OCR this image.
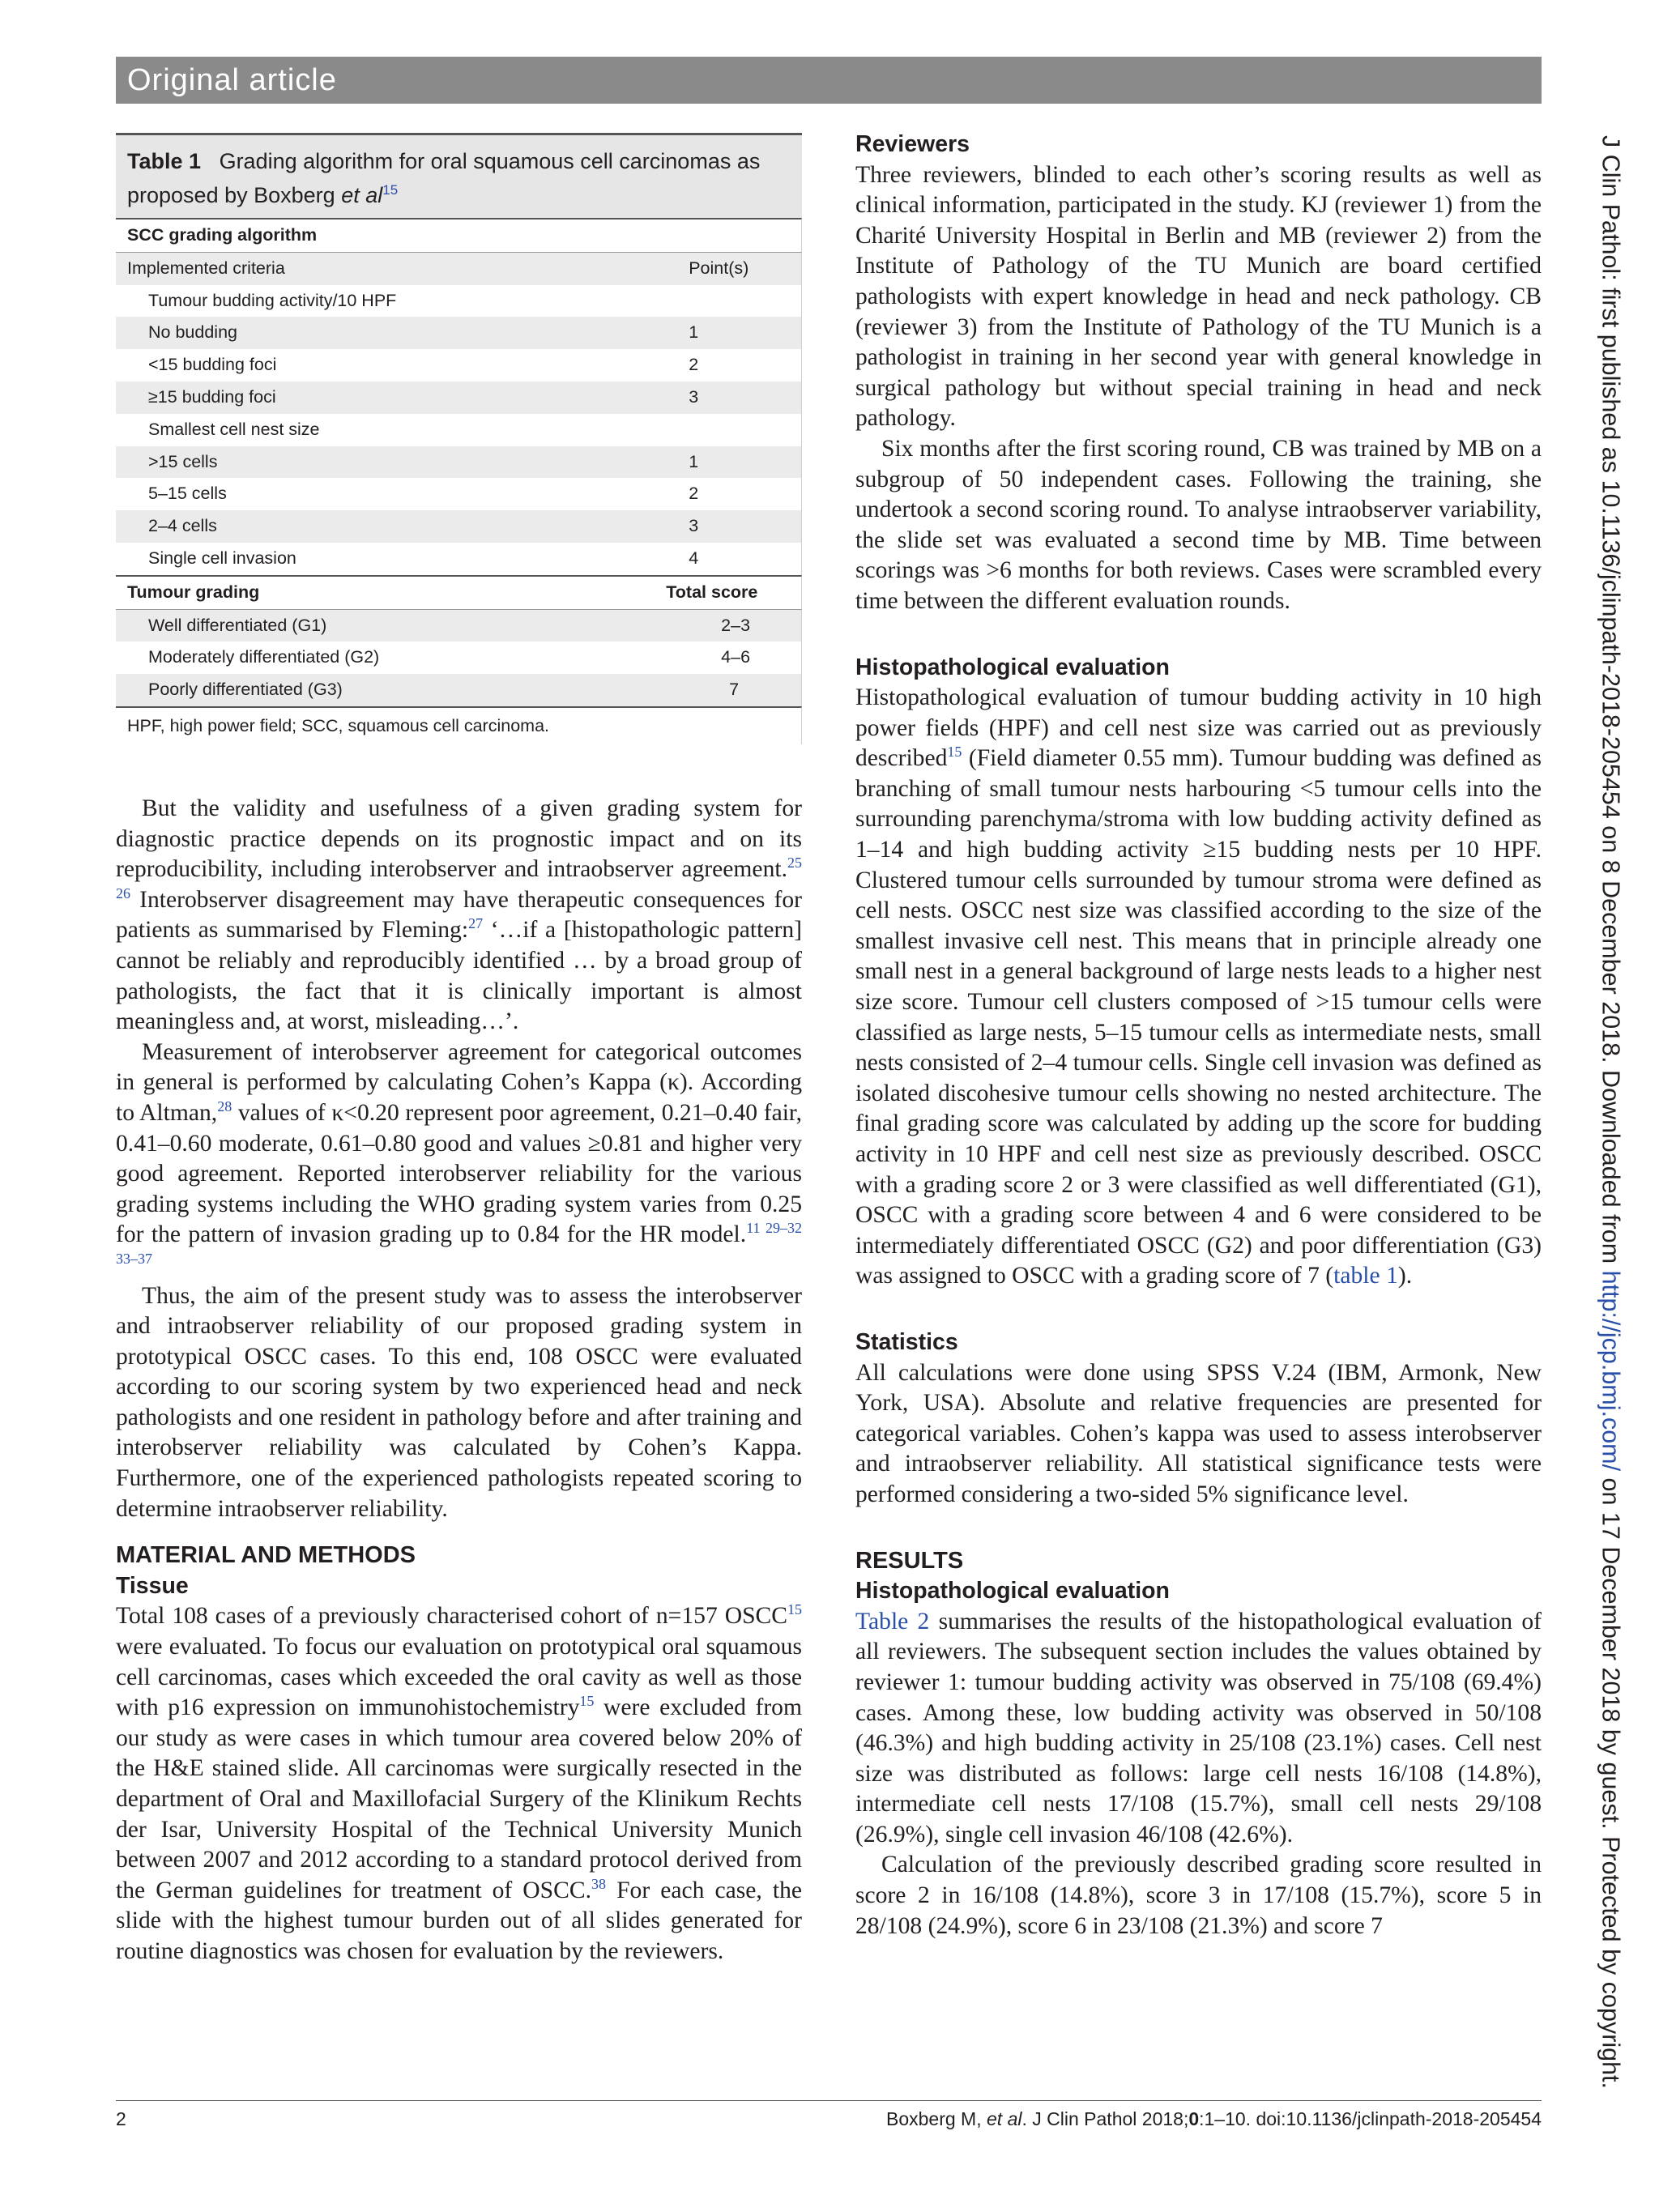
Original article
J Clin Pathol: first published as 10.1136/jclinpath-2018-205454 on 8 December 2018. Downloaded from http://jcp.bmj.com/ on 17 December 2018 by guest. Protected by copyright.
Table 1 Grading algorithm for oral squamous cell carcinomas as proposed by Boxberg et $al^{15}$
SCC grading algorithm
Implemented criteria	Point(s)
Tumour budding activity/10 HPF
No budding	1
<15 budding foci	2
≥15 budding foci	3
Smallest cell nest size
>15 cells	1
5–15 cells	2
2–4 cells	3
Single cell invasion	4
Tumour grading	Total score
Well differentiated (G1)	2–3
Moderately differentiated (G2)	4–6
Poorly differentiated (G3)	7
HPF, high power field; SCC, squamous cell carcinoma.

But the validity and usefulness of a given grading system for diagnostic practice depends on its prognostic impact and on its reproducibility, including interobserver and intraobserver agreement.$^{25 26}$ Interobserver disagreement may have therapeutic consequences for patients as summarised by Fleming:$^{27}$ ‘…if a [histopathologic pattern] cannot be reliably and reproducibly identified … by a broad group of pathologists, the fact that it is clinically important is almost meaningless and, at worst, misleading…’.

Measurement of interobserver agreement for categorical outcomes in general is performed by calculating Cohen’s Kappa (κ). According to Altman,$^{28}$ values of κ<0.20 represent poor agreement, 0.21–0.40 fair, 0.41–0.60 moderate, 0.61–0.80 good and values ≥0.81 and higher very good agreement. Reported interobserver reliability for the various grading systems including the WHO grading system varies from 0.25 for the pattern of invasion grading up to 0.84 for the HR model.$^{11 29-32 33-37}$

Thus, the aim of the present study was to assess the interobserver and intraobserver reliability of our proposed grading system in prototypical OSCC cases. To this end, 108 OSCC were evaluated according to our scoring system by two experienced head and neck pathologists and one resident in pathology before and after training and interobserver reliability was calculated by Cohen’s Kappa. Furthermore, one of the experienced pathologists repeated scoring to determine intraobserver reliability.

MATERIAL AND METHODS
Tissue

Total 108 cases of a previously characterised cohort of n=157 OSCC$^{15}$ were evaluated. To focus our evaluation on prototypical oral squamous cell carcinomas, cases which exceeded the oral cavity as well as those with p16 expression on immunohistochemistry$^{15}$ were excluded from our study as were cases in which tumour area covered below 20% of the H&E stained slide. All carcinomas were surgically resected in the department of Oral and Maxillofacial Surgery of the Klinikum Rechts der Isar, University Hospital of the Technical University Munich between 2007 and 2012 according to a standard protocol derived from the German guidelines for treatment of OSCC.$^{38}$ For each case, the slide with the highest tumour burden out of all slides generated for routine diagnostics was chosen for evaluation by the reviewers.

Reviewers

Three reviewers, blinded to each other’s scoring results as well as clinical information, participated in the study. KJ (reviewer 1) from the Charité University Hospital in Berlin and MB (reviewer 2) from the Institute of Pathology of the TU Munich are board certified pathologists with expert knowledge in head and neck pathology. CB (reviewer 3) from the Institute of Pathology of the TU Munich is a pathologist in training in her second year with general knowledge in surgical pathology but without special training in head and neck pathology.

Six months after the first scoring round, CB was trained by MB on a subgroup of 50 independent cases. Following the training, she undertook a second scoring round. To analyse intraobserver variability, the slide set was evaluated a second time by MB. Time between scorings was >6 months for both reviews. Cases were scrambled every time between the different evaluation rounds.

Histopathological evaluation

Histopathological evaluation of tumour budding activity in 10 high power fields (HPF) and cell nest size was carried out as previously described$^{15}$ (Field diameter 0.55 mm). Tumour budding was defined as branching of small tumour nests harbouring <5 tumour cells into the surrounding parenchyma/stroma with low budding activity defined as 1–14 and high budding activity ≥15 budding nests per 10 HPF. Clustered tumour cells surrounded by tumour stroma were defined as cell nests. OSCC nest size was classified according to the size of the smallest invasive cell nest. This means that in principle already one small nest in a general background of large nests leads to a higher nest size score. Tumour cell clusters composed of >15 tumour cells were classified as large nests, 5–15 tumour cells as intermediate nests, small nests consisted of 2–4 tumour cells. Single cell invasion was defined as isolated discohesive tumour cells showing no nested architecture. The final grading score was calculated by adding up the score for budding activity in 10 HPF and cell nest size as previously described. OSCC with a grading score 2 or 3 were classified as well differentiated (G1), OSCC with a grading score between 4 and 6 were considered to be intermediately differentiated OSCC (G2) and poor differentiation (G3) was assigned to OSCC with a grading score of 7 (table 1).

Statistics

All calculations were done using SPSS V.24 (IBM, Armonk, New York, USA). Absolute and relative frequencies are presented for categorical variables. Cohen’s kappa was used to assess interobserver and intraobserver reliability. All statistical significance tests were performed considering a two-sided 5% significance level.

RESULTS
Histopathological evaluation

Table 2 summarises the results of the histopathological evaluation of all reviewers. The subsequent section includes the values obtained by reviewer 1: tumour budding activity was observed in 75/108 (69.4%) cases. Among these, low budding activity was observed in 50/108 (46.3%) and high budding activity in 25/108 (23.1%) cases. Cell nest size was distributed as follows: large cell nests 16/108 (14.8%), intermediate cell nests 17/108 (15.7%), small cell nests 29/108 (26.9%), single cell invasion 46/108 (42.6%).

Calculation of the previously described grading score resulted in score 2 in 16/108 (14.8%), score 3 in 17/108 (15.7%), score 5 in 28/108 (24.9%), score 6 in 23/108 (21.3%) and score 7

2	Boxberg M, et al. J Clin Pathol 2018;0:1–10. doi:10.1136/jclinpath-2018-205454
